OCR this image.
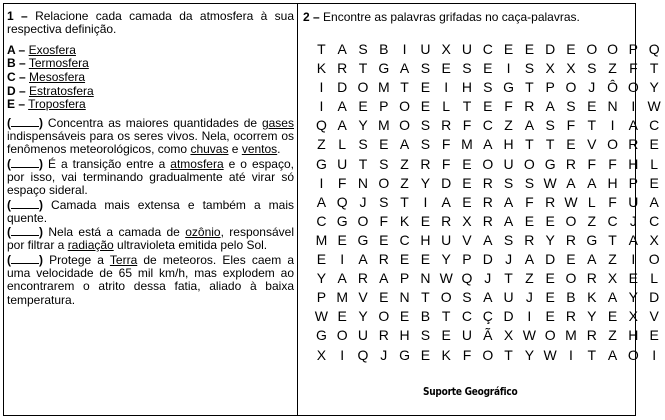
1 – Relacione cada camada da atmosfera à sua respectiva definição.

A – Exosfera

B – Termosfera

C – Mesosfera

D – Estratosfera

E – Troposfera

( ) Concentra as maiores quantidades de gases indispensáveis para os seres vivos. Nela, ocorrem os fenômenos meteorológicos, como chuvas e ventos.

( ) É a transição entre a atmosfera e o espaço, por isso, vai terminando gradualmente até virar só espaço sideral.

( ) Camada mais extensa e também a mais quente.

( ) Nela está a camada de ozônio, responsável por filtrar a radiação ultravioleta emitida pelo Sol.

( ) Protege a Terra de meteoros. Eles caem a uma velocidade de 65 mil km/h, mas explodem ao encontrarem o atrito dessa fatia, aliado à baixa temperatura.

2 – Encontre as palavras grifadas no caça-palavras.

T A S B	I U X U C E E D E O O P Q
K R T G A S E S E	I	S X X S Z F T
I D O M T E	I H S G T P O J Ô O Y
I	A E P O E L T E F R A S E N I W
Q A Y M O S R F C Z A S F T	I	A C
Z L S E A S F M A H T T E V O R E
G U T S Z R F E O U O G R F F H L
I	F N O Z Y D E R S S W A A H P E
A Q J S T	I	A E R A F R W L F U A
C G O F K E R X R A E E O Z C J C
M E G E C H U V A S R Y R G T A X
E	I	A R E E Y P D J A D E A Z	I O
Y A R A P N W Q J T Z E O R X E L
P M V E N T O S A U J E B K A Y D
W E Y O E B T C Ç D I	E R Y E X V
G O U R H S E U Ã X W O M R Z H E
X	I Q J G E K F O T Y W I	T A O I
Suporte Geográfico
